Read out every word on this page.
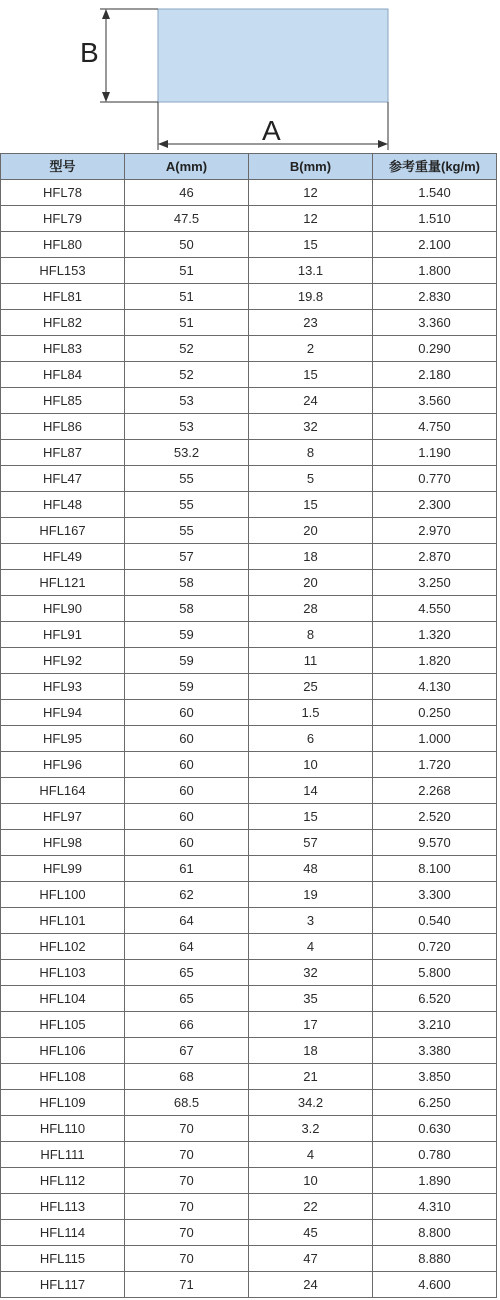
B
A
型号	A(mm)	B(mm)	参考重量(kg/m)
HFL78	46	12	1.540
HFL79	47.5	12	1.510
HFL80	50	15	2.100
HFL153	51	13.1	1.800
HFL81	51	19.8	2.830
HFL82	51	23	3.360
HFL83	52	2	0.290
HFL84	52	15	2.180
HFL85	53	24	3.560
HFL86	53	32	4.750
HFL87	53.2	8	1.190
HFL47	55	5	0.770
HFL48	55	15	2.300
HFL167	55	20	2.970
HFL49	57	18	2.870
HFL121	58	20	3.250
HFL90	58	28	4.550
HFL91	59	8	1.320
HFL92	59	11	1.820
HFL93	59	25	4.130
HFL94	60	1.5	0.250
HFL95	60	6	1.000
HFL96	60	10	1.720
HFL164	60	14	2.268
HFL97	60	15	2.520
HFL98	60	57	9.570
HFL99	61	48	8.100
HFL100	62	19	3.300
HFL101	64	3	0.540
HFL102	64	4	0.720
HFL103	65	32	5.800
HFL104	65	35	6.520
HFL105	66	17	3.210
HFL106	67	18	3.380
HFL108	68	21	3.850
HFL109	68.5	34.2	6.250
HFL110	70	3.2	0.630
HFL111	70	4	0.780
HFL112	70	10	1.890
HFL113	70	22	4.310
HFL114	70	45	8.800
HFL115	70	47	8.880
HFL117	71	24	4.600
